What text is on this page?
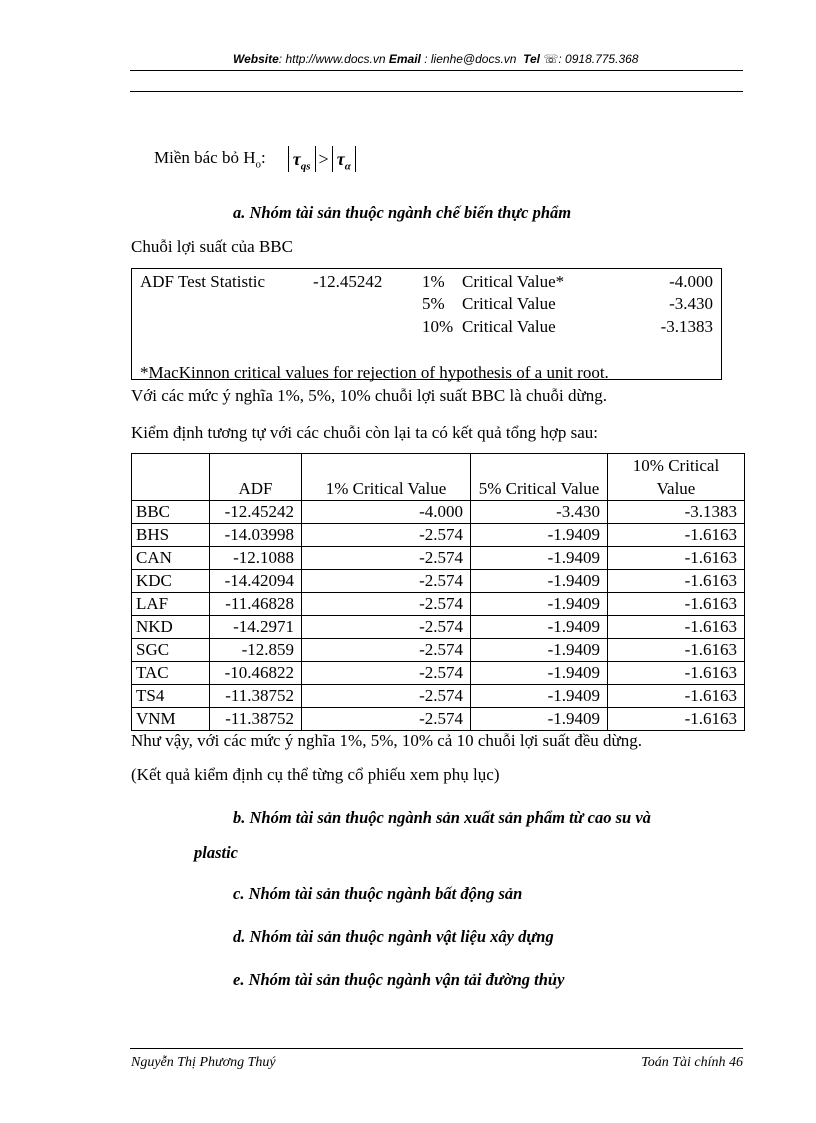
Website: http://www.docs.vn Email : lienhe@docs.vn Tel ☏: 0918.775.368
Miền bác bỏ $H_o$: $\tau_{qs} > \tau_\alpha$
a. Nhóm tài sản thuộc ngành chế biến thực phẩm
Chuỗi lợi suất của BBC
ADF Test Statistic	-12.45242 1% Critical Value*	-4.000
5% Critical Value	-3.430
10% Critical Value	-3.1383
*MacKinnon critical values for rejection of hypothesis of a unit root.
Với các mức ý nghĩa 1%, 5%, 10% chuỗi lợi suất BBC là chuỗi dừng.
Kiểm định tương tự với các chuỗi còn lại ta có kết quả tổng hợp sau:
	ADF	1% Critical Value	5% Critical Value	10% Critical Value
BBC	-12.45242	-4.000	-3.430	-3.1383
BHS	-14.03998	-2.574	-1.9409	-1.6163
CAN	-12.1088	-2.574	-1.9409	-1.6163
KDC	-14.42094	-2.574	-1.9409	-1.6163
LAF	-11.46828	-2.574	-1.9409	-1.6163
NKD	-14.2971	-2.574	-1.9409	-1.6163
SGC	-12.859	-2.574	-1.9409	-1.6163
TAC	-10.46822	-2.574	-1.9409	-1.6163
TS4	-11.38752	-2.574	-1.9409	-1.6163
VNM	-11.38752	-2.574	-1.9409	-1.6163
Như vậy, với các mức ý nghĩa 1%, 5%, 10% cả 10 chuỗi lợi suất đều dừng.
(Kết quả kiểm định cụ thể từng cổ phiếu xem phụ lục)
b. Nhóm tài sản thuộc ngành sản xuất sản phẩm từ cao su và
plastic
c. Nhóm tài sản thuộc ngành bất động sản
d. Nhóm tài sản thuộc ngành vật liệu xây dựng
e. Nhóm tài sản thuộc ngành vận tải đường thủy
Nguyễn Thị Phương Thuý	Toán Tài chính 46
